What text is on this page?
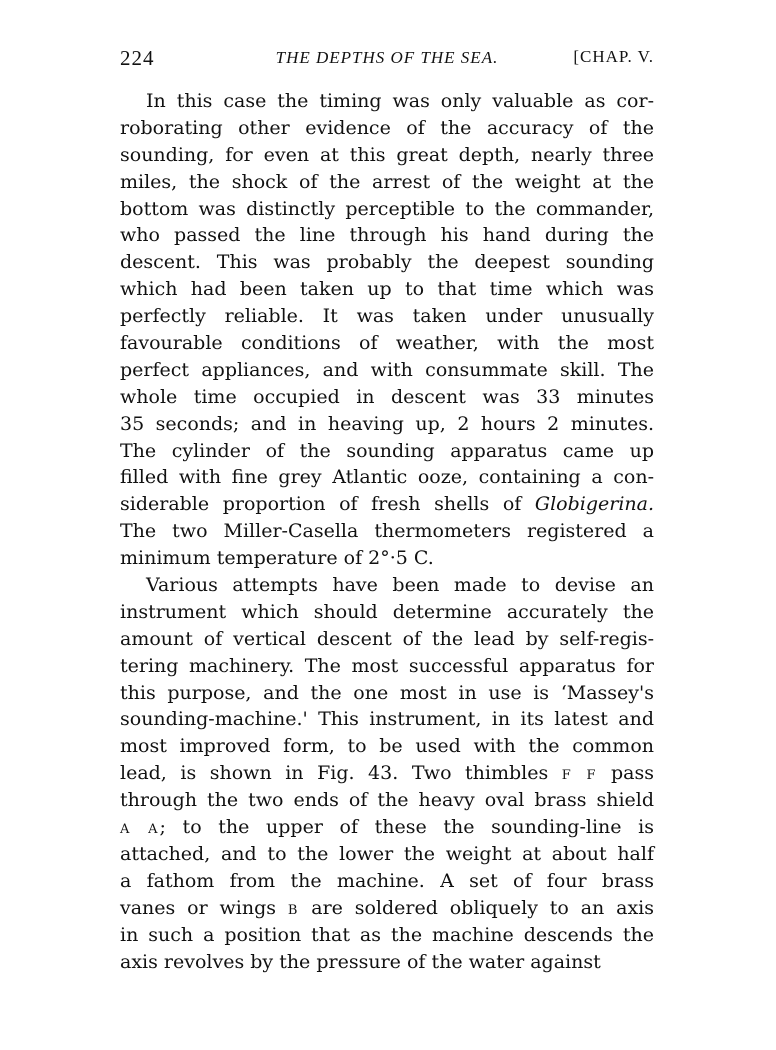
224	THE DEPTHS OF THE SEA.	[CHAP. V.
In this case the timing was only valuable as cor-
roborating other evidence of the accuracy of the
sounding, for even at this great depth, nearly three
miles, the shock of the arrest of the weight at the
bottom was distinctly perceptible to the commander,
who passed the line through his hand during the
descent. This was probably the deepest sounding
which had been taken up to that time which was
perfectly reliable. It was taken under unusually
favourable conditions of weather, with the most
perfect appliances, and with consummate skill. The
whole time occupied in descent was 33 minutes
35 seconds; and in heaving up, 2 hours 2 minutes.
The cylinder of the sounding apparatus came up
filled with fine grey Atlantic ooze, containing a con-
siderable proportion of fresh shells of Globigerina.
The two Miller-Casella thermometers registered a
minimum temperature of 2°·5 C.
Various attempts have been made to devise an
instrument which should determine accurately the
amount of vertical descent of the lead by self-regis-
tering machinery. The most successful apparatus for
this purpose, and the one most in use is ‘Massey's
sounding-machine.' This instrument, in its latest and
most improved form, to be used with the common
lead, is shown in Fig. 43. Two thimbles F F pass
through the two ends of the heavy oval brass shield
A A; to the upper of these the sounding-line is
attached, and to the lower the weight at about half
a fathom from the machine. A set of four brass
vanes or wings B are soldered obliquely to an axis
in such a position that as the machine descends the
axis revolves by the pressure of the water against
